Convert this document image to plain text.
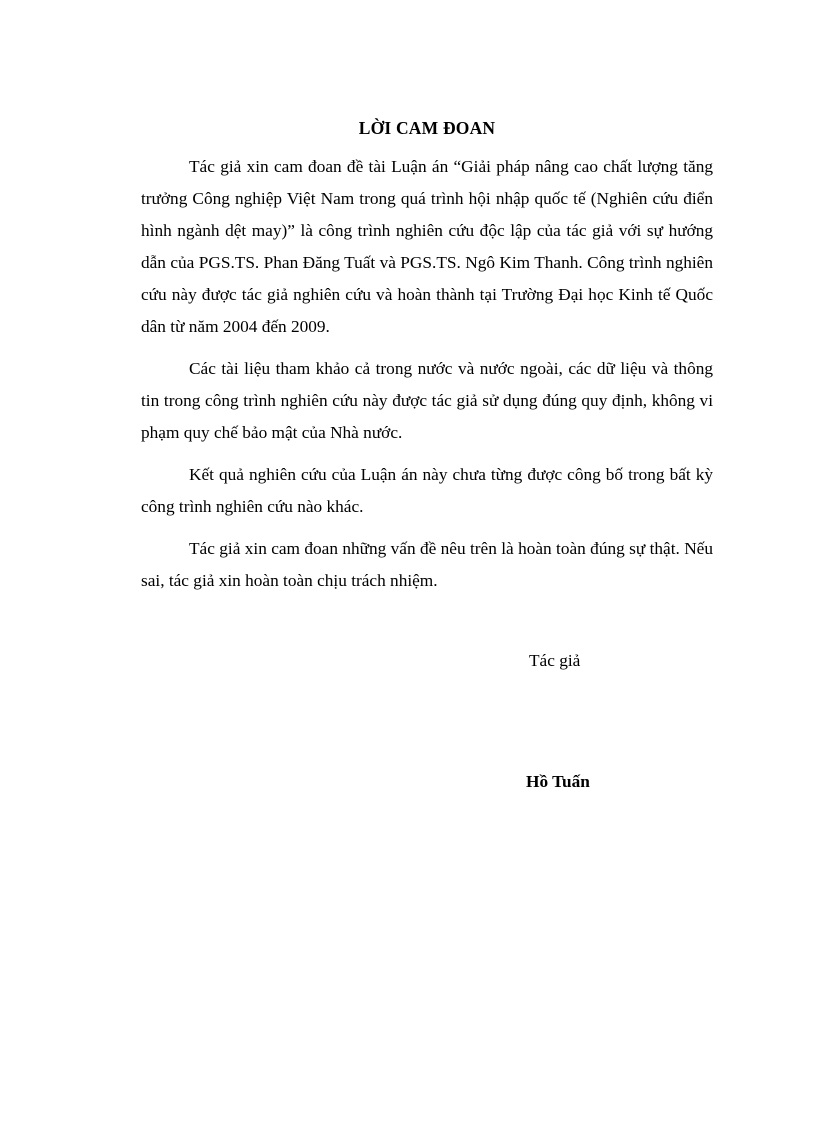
LỜI CAM ĐOAN

Tác giả xin cam đoan đề tài Luận án “Giải pháp nâng cao chất lượng tăng trưởng Công nghiệp Việt Nam trong quá trình hội nhập quốc tế (Nghiên cứu điển hình ngành dệt may)” là công trình nghiên cứu độc lập của tác giả với sự hướng dẫn của PGS.TS. Phan Đăng Tuất và PGS.TS. Ngô Kim Thanh. Công trình nghiên cứu này được tác giả nghiên cứu và hoàn thành tại Trường Đại học Kinh tế Quốc dân từ năm 2004 đến 2009.

Các tài liệu tham khảo cả trong nước và nước ngoài, các dữ liệu và thông tin trong công trình nghiên cứu này được tác giả sử dụng đúng quy định, không vi phạm quy chế bảo mật của Nhà nước.

Kết quả nghiên cứu của Luận án này chưa từng được công bố trong bất kỳ công trình nghiên cứu nào khác.

Tác giả xin cam đoan những vấn đề nêu trên là hoàn toàn đúng sự thật. Nếu sai, tác giả xin hoàn toàn chịu trách nhiệm.

Tác giả
Hồ Tuấn
